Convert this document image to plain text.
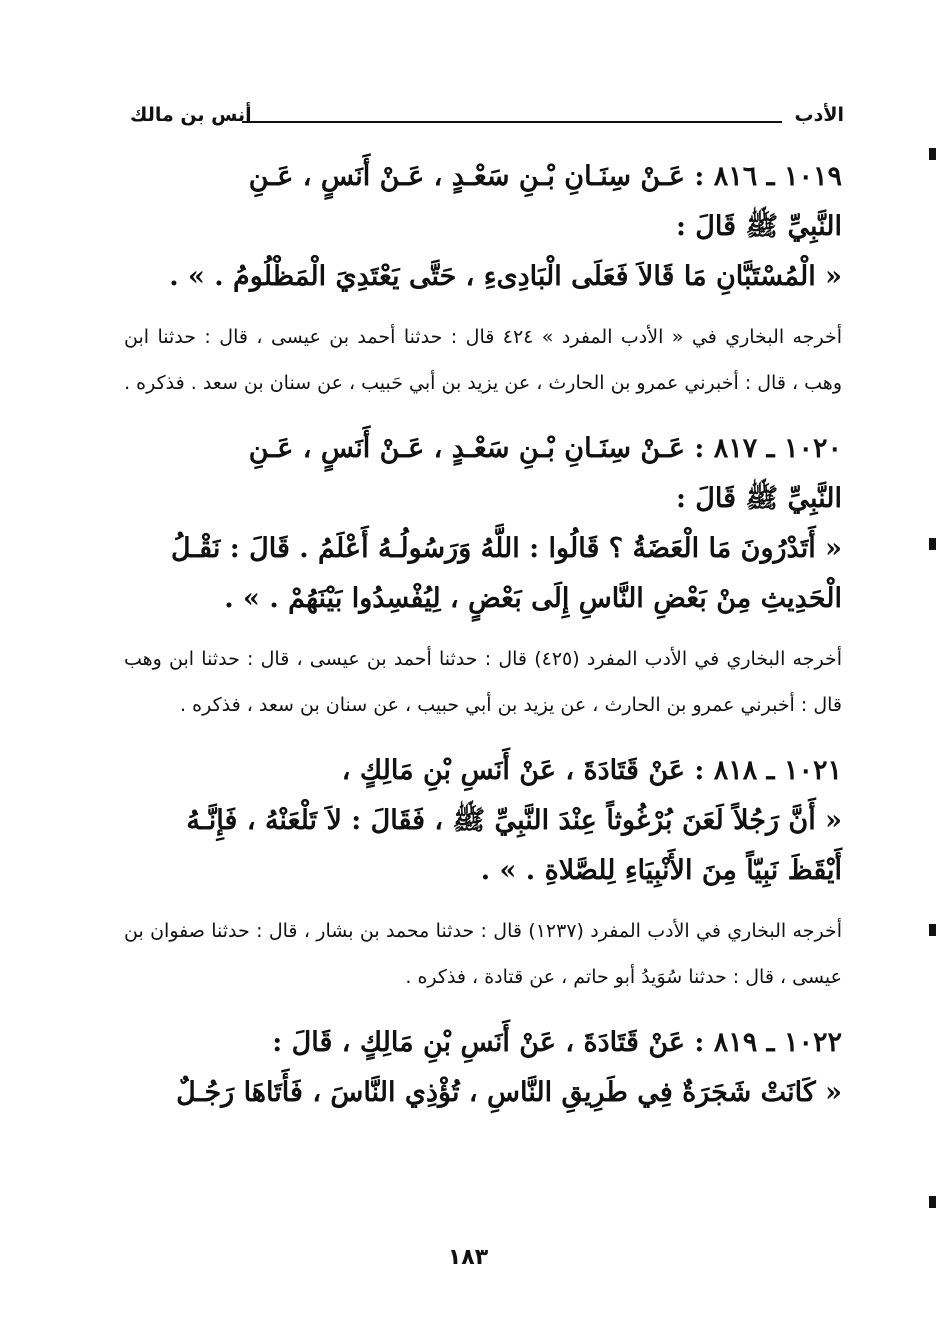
الأدب
أنس بن مالك

١٠١٩ ـ ٨١٦ : عَـنْ سِنَـانِ بْـنِ سَعْـدٍ ، عَـنْ أَنَسٍ ، عَـنِ
النَّبِيِّ ﷺ قَالَ :
« الْمُسْتَبَّانِ مَا قَالاَ فَعَلَى الْبَادِىءِ ، حَتَّى يَعْتَدِيَ الْمَظْلُومُ . » .

أخرجه البخاري في « الأدب المفرد » ٤٢٤ قال : حدثنا أحمد بن عيسى ، قال : حدثنا ابن وهب ، قال : أخبرني عمرو بن الحارث ، عن يزيد بن أبي حَبيب ، عن سنان بن سعد . فذكره .

١٠٢٠ ـ ٨١٧ : عَـنْ سِنَـانِ بْـنِ سَعْـدٍ ، عَـنْ أَنَسٍ ، عَـنِ
النَّبِيِّ ﷺ قَالَ :
« أَتَدْرُونَ مَا الْعَضَةُ ؟ قَالُوا : اللَّهُ وَرَسُولُـهُ أَعْلَمُ . قَالَ : نَقْـلُ
الْحَدِيثِ مِنْ بَعْضِ النَّاسِ إِلَى بَعْضٍ ، لِيُفْسِدُوا بَيْنَهُمْ . » .

أخرجه البخاري في الأدب المفرد (٤٢٥) قال : حدثنا أحمد بن عيسى ، قال : حدثنا ابن وهب قال : أخبرني عمرو بن الحارث ، عن يزيد بن أبي حبيب ، عن سنان بن سعد ، فذكره .

١٠٢١ ـ ٨١٨ : عَنْ قَتَادَةَ ، عَنْ أَنَسِ بْنِ مَالِكٍ ،
« أَنَّ رَجُلاً لَعَنَ بُرْغُوثاً عِنْدَ النَّبِيِّ ﷺ ، فَقَالَ : لاَ تَلْعَنْهُ ، فَإِنَّـهُ
أَيْقَظَ نَبِيّاً مِنَ الأَنْبِيَاءِ لِلصَّلاةِ . » .

أخرجه البخاري في الأدب المفرد (١٢٣٧) قال : حدثنا محمد بن بشار ، قال : حدثنا صفوان بن عيسى ، قال : حدثنا سُوَيدُ أبو حاتم ، عن قتادة ، فذكره .

١٠٢٢ ـ ٨١٩ : عَنْ قَتَادَةَ ، عَنْ أَنَسِ بْنِ مَالِكٍ ، قَالَ :
« كَانَتْ شَجَرَةٌ فِي طَرِيقِ النَّاسِ ، تُؤْذِي النَّاسَ ، فَأَتَاهَا رَجُـلٌ

١٨٣
